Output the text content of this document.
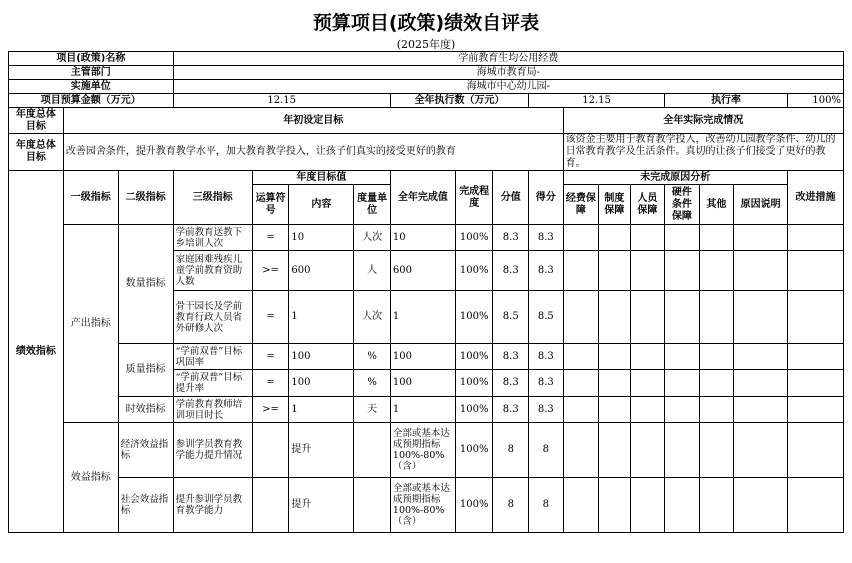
预算项目(政策)绩效自评表
(2025年度)
项目(政策)名称			学前教育生均公用经费														
主管部门			海城市教育局-														
实施单位			海城市中心幼儿园-														
项目预算金额（万元）			12.15				全年执行数（万元）			12.15				执行率			100%
年度总体目标	年初设定目标										全年实际完成情况						
年度总体目标	改善园舍条件，提升教育教学水平，加大教育教学投入，让孩子们真实的接受更好的教育										该资金主要用于教育教学投入，改善幼儿园教学条件、幼儿的日常教育教学及生活条件。真切的让孩子们接受了更好的教育。						
绩效指标	一级指标	二级指标	三级指标	年度目标值			全年完成值	完成程度	分值	得分	未完成原因分析						改进措施
				运算符号	内容	度量单位					经费保障	制度保障	人员保障	硬件条件保障	其他	原因说明	
	产出指标	数量指标	学前教育送教下乡培训人次	=	10	人次	10	100%	8.3	8.3							
			家庭困难残疾儿童学前教育资助人数	>=	600	人	600	100%	8.3	8.3							
			骨干园长及学前教育行政人员省外研修人次	=	1	人次	1	100%	8.5	8.5							
		质量指标	“学前双普”目标巩固率	=	100	%	100	100%	8.3	8.3							
			“学前双普”目标提升率	=	100	%	100	100%	8.3	8.3							
		时效指标	学前教育教师培训项目时长	>=	1	天	1	100%	8.3	8.3							
	效益指标	经济效益指标	参训学员教育教学能力提升情况		提升		全部或基本达成预期指标100%-80%（含）	100%	8	8							
		社会效益指标	提升参训学员教育教学能力		提升		全部或基本达成预期指标100%-80%（含）	100%	8	8							
